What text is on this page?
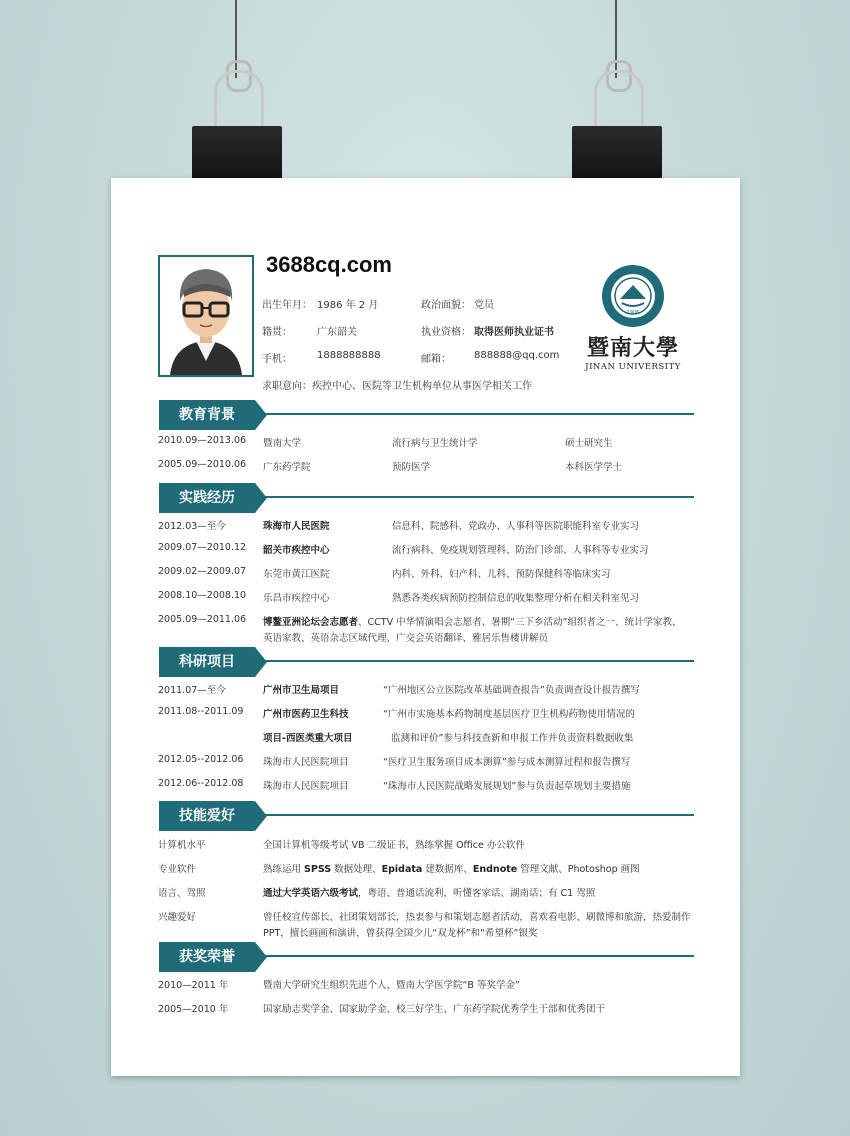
3688cq.com
出生年月： 1986 年 2 月	政治面貌： 党员
籍贯：	广东韶关	执业资格： 取得医师执业证书
手机：	1888888888	邮箱： 888888@qq.com
求职意向：疾控中心、医院等卫生机构单位从事医学相关工作
1906
暨南大學
JINAN UNIVERSITY
教育背景
2010.09—2013.06 暨南大学	流行病与卫生统计学	硕士研究生
2005.09—2010.06 广东药学院	预防医学	本科医学学士
实践经历
2012.03—至今	珠海市人民医院	信息科、院感科、党政办、人事科等医院职能科室专业实习
2009.07—2010.12 韶关市疾控中心	流行病科、免疫规划管理科、防治门诊部、人事科等专业实习
2009.02—2009.07 东莞市黄江医院	内科、外科、妇产科、儿科、预防保健科等临床实习
2008.10—2008.10 乐昌市疾控中心	熟悉各类疾病预防控制信息的收集整理分析在相关科室见习
2005.09—2011.06 博鳌亚洲论坛会志愿者、CCTV 中华情演唱会志愿者、暑期“三下乡活动”组织者之一、统计学家教、
英语家教、英语杂志区域代理、广交会英语翻译、雅居乐售楼讲解员
科研项目
2011.07—至今	广州市卫生局项目	“广州地区公立医院改革基础调查报告”负责调查设计报告撰写
2011.08--2011.09 广州市医药卫生科技	“广州市实施基本药物制度基层医疗卫生机构药物使用情况的
项目-西医类重大项目	监测和评价”参与科技查新和申报工作并负责资料数据收集
2012.05--2012.06 珠海市人民医院项目	“医疗卫生服务项目成本测算”参与成本测算过程和报告撰写
2012.06--2012.08 珠海市人民医院项目	“珠海市人民医院战略发展规划”参与负责起草规划主要措施
技能爱好
计算机水平	全国计算机等级考试 VB 二级证书，熟练掌握 Office 办公软件
专业软件	熟练运用 SPSS 数据处理、Epidata 建数据库、Endnote 管理文献、Photoshop 画图
语言、驾照	通过大学英语六级考试，粤语、普通话流利，听懂客家话、湖南话；有 C1 驾照
兴趣爱好	曾任校宣传部长、社团策划部长，热衷参与和策划志愿者活动，喜欢看电影、刷微博和旅游，热爱制作
PPT，擅长画画和演讲，曾获得全国少儿“双龙杯”和“希望杯”银奖
获奖荣誉
2010—2011 年	暨南大学研究生组织先进个人、暨南大学医学院“B 等奖学金”
2005—2010 年	国家励志奖学金、国家助学金、校三好学生、广东药学院优秀学生干部和优秀团干
